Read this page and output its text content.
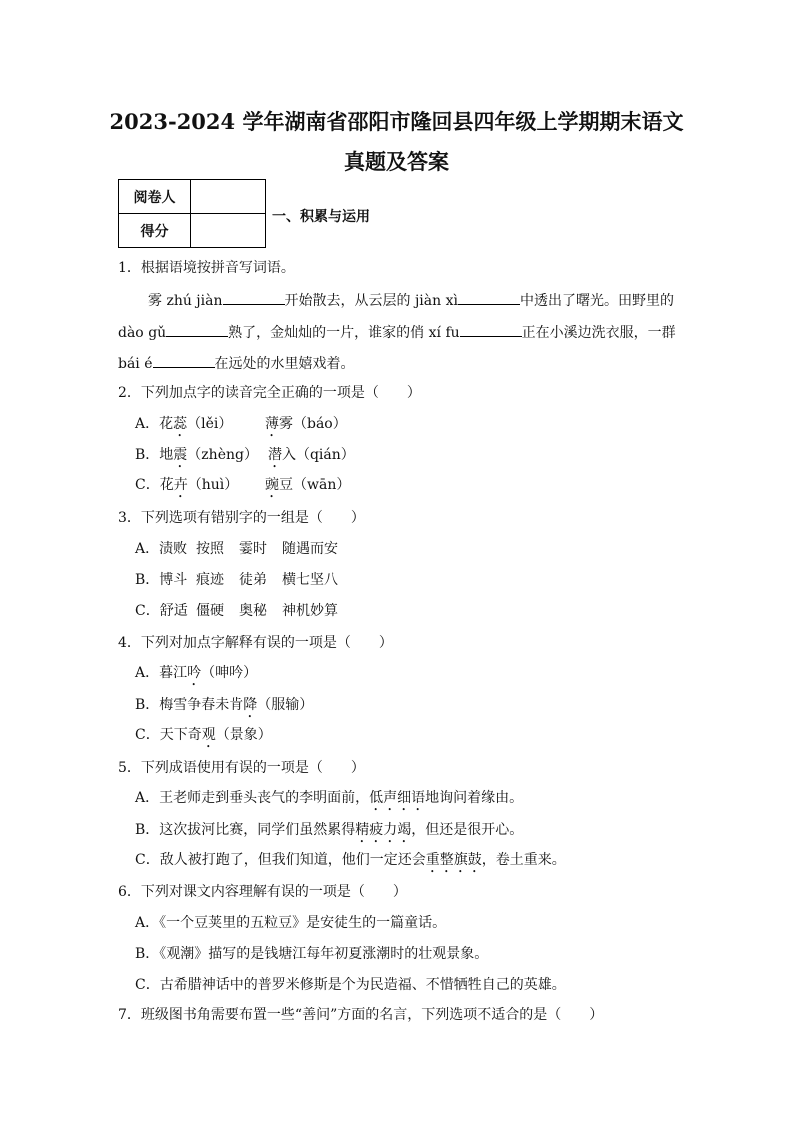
2023-2024 学年湖南省邵阳市隆回县四年级上学期期末语文
真题及答案
阅卷人	
得分	
一、积累与运用
1．根据语境按拼音写词语。
雾 zhú jiàn	开始散去，从云层的 jiàn xì	中透出了曙光。田野里的
dào gǔ	熟了，金灿灿的一片，谁家的俏 xí fu	正在小溪边洗衣服，一群
bái é	在远处的水里嬉戏着。
2．下列加点字的读音完全正确的一项是（　　）
A．花蕊（lěi） 薄雾（báo）
B．地震（zhèng） 潜入（qián）
C．花卉（huì） 豌豆（wān）
3．下列选项有错别字的一组是（　　）
A．渍败 按照 霎时 随遇而安
B．博斗 痕迹 徒弟 横七坚八
C．舒适 僵硬 奥秘 神机妙算
4．下列对加点字解释有误的一项是（　　）
A．暮江吟（呻吟）
B．梅雪争春未肯降（服输）
C．天下奇观（景象）
5．下列成语使用有误的一项是（　　）
A．王老师走到垂头丧气的李明面前，低声细语地询问着缘由。
B．这次拔河比赛，同学们虽然累得精疲力竭，但还是很开心。
C．敌人被打跑了，但我们知道，他们一定还会重整旗鼓，卷土重来。
6．下列对课文内容理解有误的一项是（　　）
A．《一个豆荚里的五粒豆》是安徒生的一篇童话。
B．《观潮》描写的是钱塘江每年初夏涨潮时的壮观景象。
C．古希腊神话中的普罗米修斯是个为民造福、不惜牺牲自己的英雄。
7．班级图书角需要布置一些“善问”方面的名言，下列选项不适合的是（　　）
